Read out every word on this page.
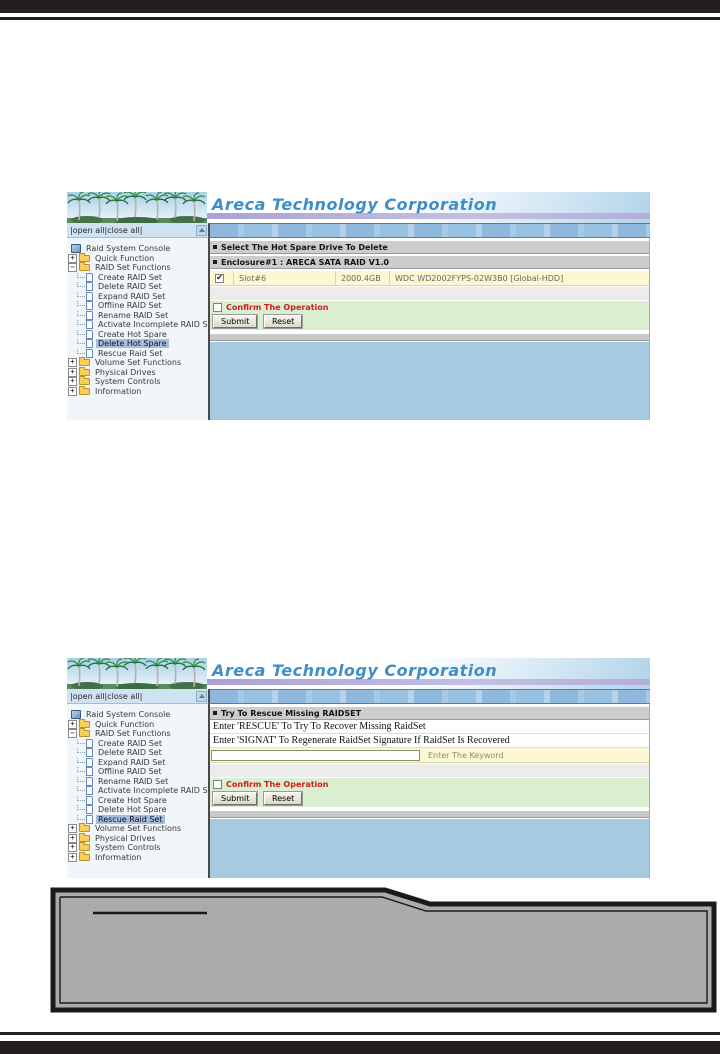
Areca Technology Corporation
|open all|close all|
Raid System Console
+	Quick Function
−	RAID Set Functions
Create RAID Set
Delete RAID Set
Expand RAID Set
Offline RAID Set
Rename RAID Set
Activate Incomplete RAID S
Create Hot Spare
Delete Hot Spare
Rescue Raid Set
+	Volume Set Functions
+	Physical Drives
+	System Controls
+	Information
Select The Hot Spare Drive To Delete
Enclosure#1 : ARECA SATA RAID V1.0
✔
Slot#6	2000.4GB	WDC WD2002FYPS-02W3B0 [Global-HDD]
Confirm The Operation
Submit	Reset
Areca Technology Corporation
|open all|close all|
Raid System Console
+	Quick Function
−	RAID Set Functions
Create RAID Set
Delete RAID Set
Expand RAID Set
Offline RAID Set
Rename RAID Set
Activate Incomplete RAID S
Create Hot Spare
Delete Hot Spare
Rescue Raid Set
+	Volume Set Functions
+	Physical Drives
+	System Controls
+	Information
Try To Rescue Missing RAIDSET
Enter 'RESCUE' To Try To Recover Missing RaidSet
Enter 'SIGNAT' To Regenerate RaidSet Signature If RaidSet Is Recovered
Enter The Keyword
Confirm The Operation
Submit	Reset
